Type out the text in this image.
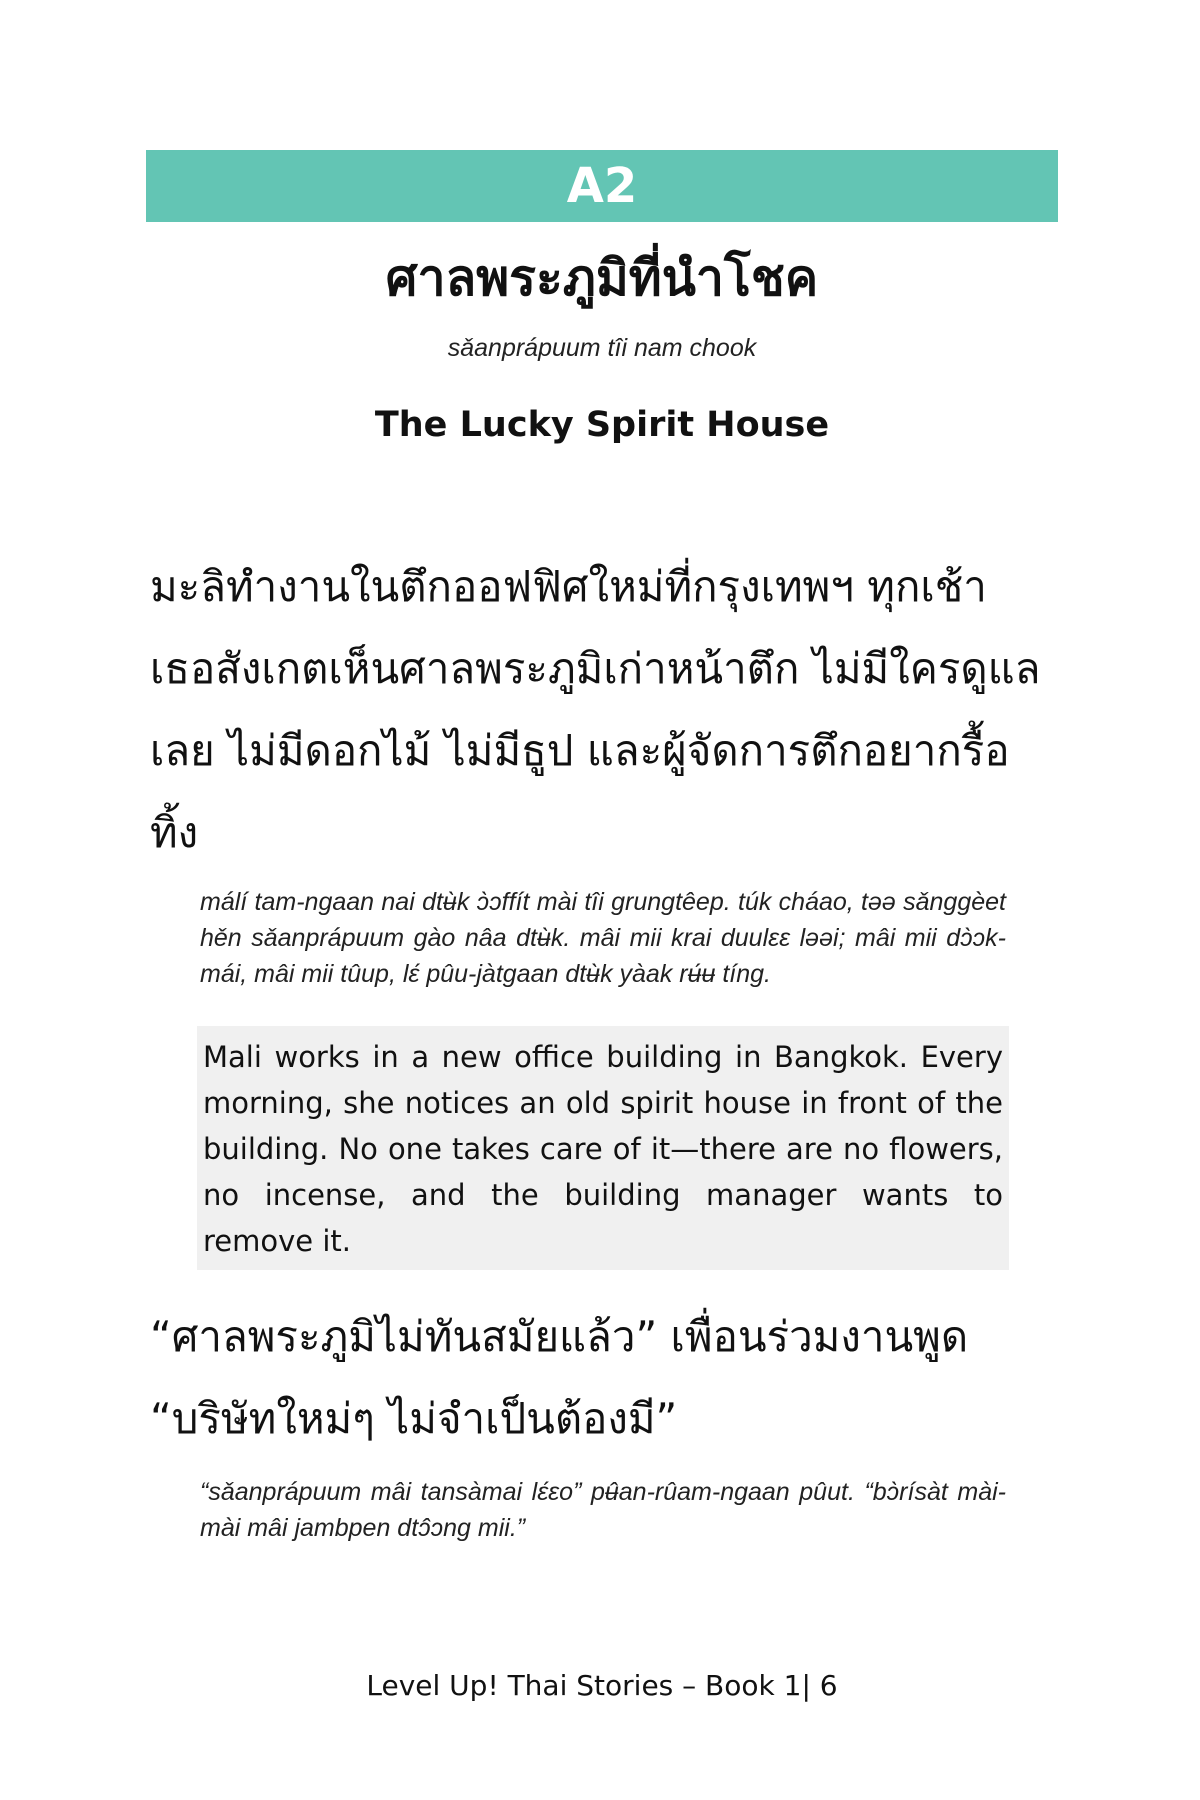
A2
ศาลพระภูมิที่นำโชค
sǎanprápuum tîi nam chook
The Lucky Spirit House

มะลิทำงานในตึกออฟฟิศใหม่ที่กรุงเทพฯ ทุกเช้า เธอสังเกตเห็นศาลพระภูมิเก่าหน้าตึก ไม่มีใครดูแล เลย ไม่มีดอกไม้ ไม่มีธูป และผู้จัดการตึกอยากรื้อทิ้ง

málí tam-ngaan nai dtʉ̀k ɔ̀ɔffít mài tîi grungtêep. túk cháao, təə sǎnggèet hěn sǎanprápuum gào nâa dtʉ̀k. mâi mii krai duulɛɛ ləəi; mâi mii dɔ̀ɔk-mái, mâi mii tûup, lɛ́ pûu-jàtgaan dtʉ̀k yàak rʉ́ʉ tíng.

Mali works in a new office building in Bangkok. Every morning, she notices an old spirit house in front of the building. No one takes care of it—there are no flowers, no incense, and the building manager wants to remove it.

“ศาลพระภูมิไม่ทันสมัยแล้ว” เพื่อนร่วมงานพูด “บริษัทใหม่ๆ ไม่จำเป็นต้องมี”

“sǎanprápuum mâi tansàmai lɛ́ɛo” pʉ̂an-rûam-ngaan pûut. “bɔ̀rísàt mài-mài mâi jambpen dtɔ̂ɔng mii.”

Level Up! Thai Stories – Book 1| 6
